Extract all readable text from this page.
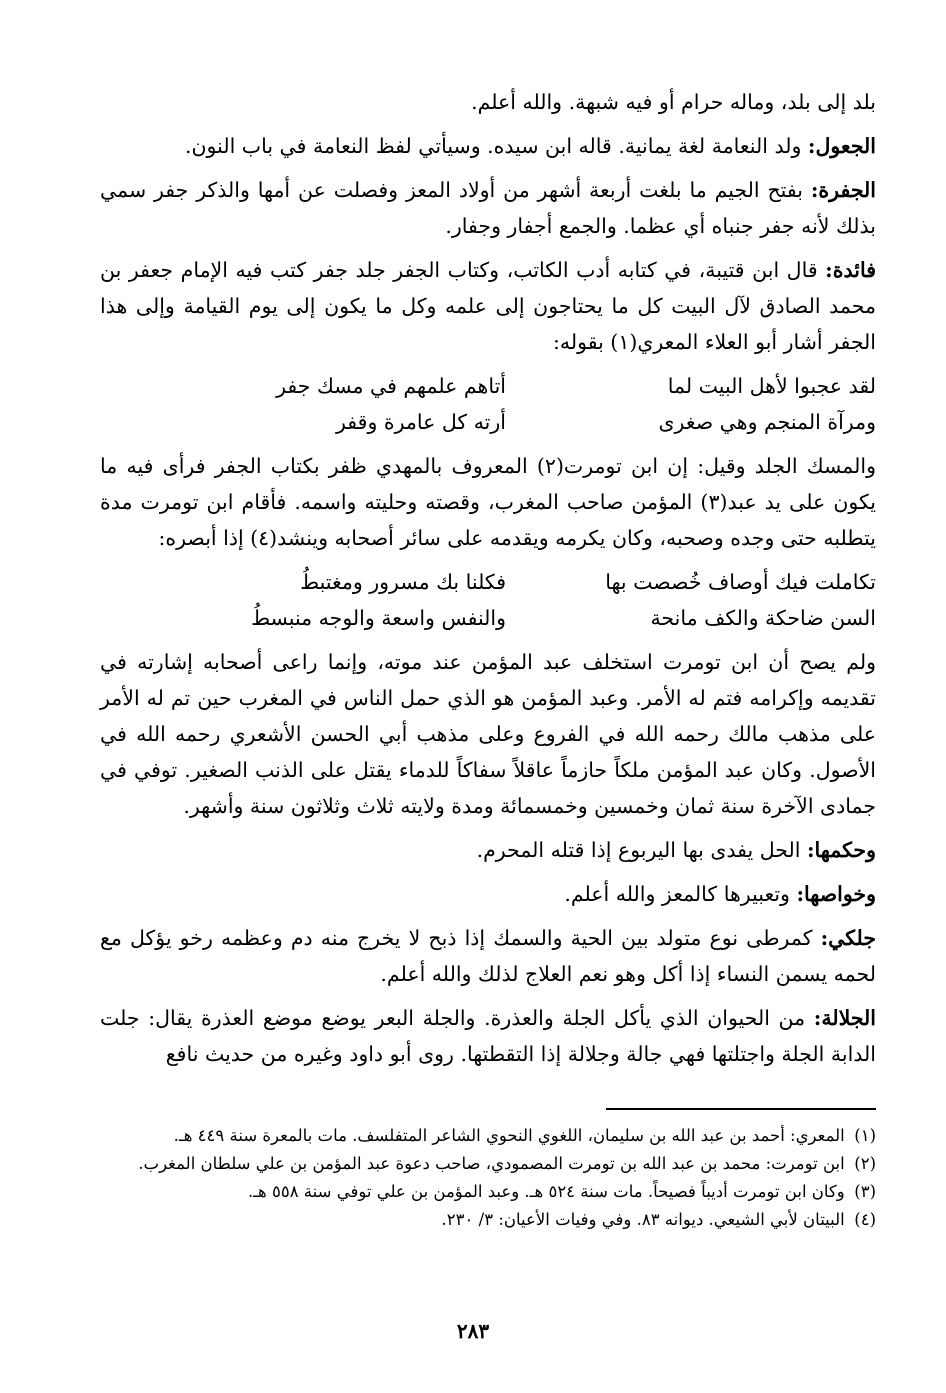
بلد إلى بلد، وماله حرام أو فيه شبهة. والله أعلم.

الجعول: ولد النعامة لغة يمانية. قاله ابن سيده. وسيأتي لفظ النعامة في باب النون.

الجفرة: بفتح الجيم ما بلغت أربعة أشهر من أولاد المعز وفصلت عن أمها والذكر جفر سمي بذلك لأنه جفر جنباه أي عظما. والجمع أجفار وجفار.

فائدة: قال ابن قتيبة، في كتابه أدب الكاتب، وكتاب الجفر جلد جفر كتب فيه الإمام جعفر بن محمد الصادق لآل البيت كل ما يحتاجون إلى علمه وكل ما يكون إلى يوم القيامة وإلى هذا الجفر أشار أبو العلاء المعري(١) بقوله:

لقد عجبوا لأهل البيت لما
أتاهم علمهم في مسك جفر
ومرآة المنجم وهي صغرى
أرته كل عامرة وقفر

والمسك الجلد وقيل: إن ابن تومرت(٢) المعروف بالمهدي ظفر بكتاب الجفر فرأى فيه ما يكون على يد عبد(٣) المؤمن صاحب المغرب، وقصته وحليته واسمه. فأقام ابن تومرت مدة يتطلبه حتى وجده وصحبه، وكان يكرمه ويقدمه على سائر أصحابه وينشد(٤) إذا أبصره:

تكاملت فيك أوصاف خُصصت بها
فكلنا بك مسرور ومغتبطُ
السن ضاحكة والكف مانحة
والنفس واسعة والوجه منبسطُ

ولم يصح أن ابن تومرت استخلف عبد المؤمن عند موته، وإنما راعى أصحابه إشارته في تقديمه وإكرامه فتم له الأمر. وعبد المؤمن هو الذي حمل الناس في المغرب حين تم له الأمر على مذهب مالك رحمه الله في الفروع وعلى مذهب أبي الحسن الأشعري رحمه الله في الأصول. وكان عبد المؤمن ملكاً حازماً عاقلاً سفاكاً للدماء يقتل على الذنب الصغير. توفي في جمادى الآخرة سنة ثمان وخمسين وخمسمائة ومدة ولايته ثلاث وثلاثون سنة وأشهر.

وحكمها: الحل يفدى بها اليربوع إذا قتله المحرم.

وخواصها: وتعبيرها كالمعز والله أعلم.

جلكي: كمرطى نوع متولد بين الحية والسمك إذا ذبح لا يخرج منه دم وعظمه رخو يؤكل مع لحمه يسمن النساء إذا أكل وهو نعم العلاج لذلك والله أعلم.

الجلالة: من الحيوان الذي يأكل الجلة والعذرة. والجلة البعر يوضع موضع العذرة يقال: جلت الدابة الجلة واجتلتها فهي جالة وجلالة إذا التقطتها. روى أبو داود وغيره من حديث نافع

(١) المعري: أحمد بن عبد الله بن سليمان، اللغوي النحوي الشاعر المتفلسف. مات بالمعرة سنة ٤٤٩ هـ.

(٢) ابن تومرت: محمد بن عبد الله بن تومرت المصمودي، صاحب دعوة عبد المؤمن بن علي سلطان المغرب.

(٣) وكان ابن تومرت أديباً فصيحاً. مات سنة ٥٢٤ هـ. وعبد المؤمن بن علي توفي سنة ٥٥٨ هـ.

(٤) البيتان لأبي الشيعي. ديوانه ٨٣. وفي وفيات الأعيان: ٣/ ٢٣٠.

٢٨٣
